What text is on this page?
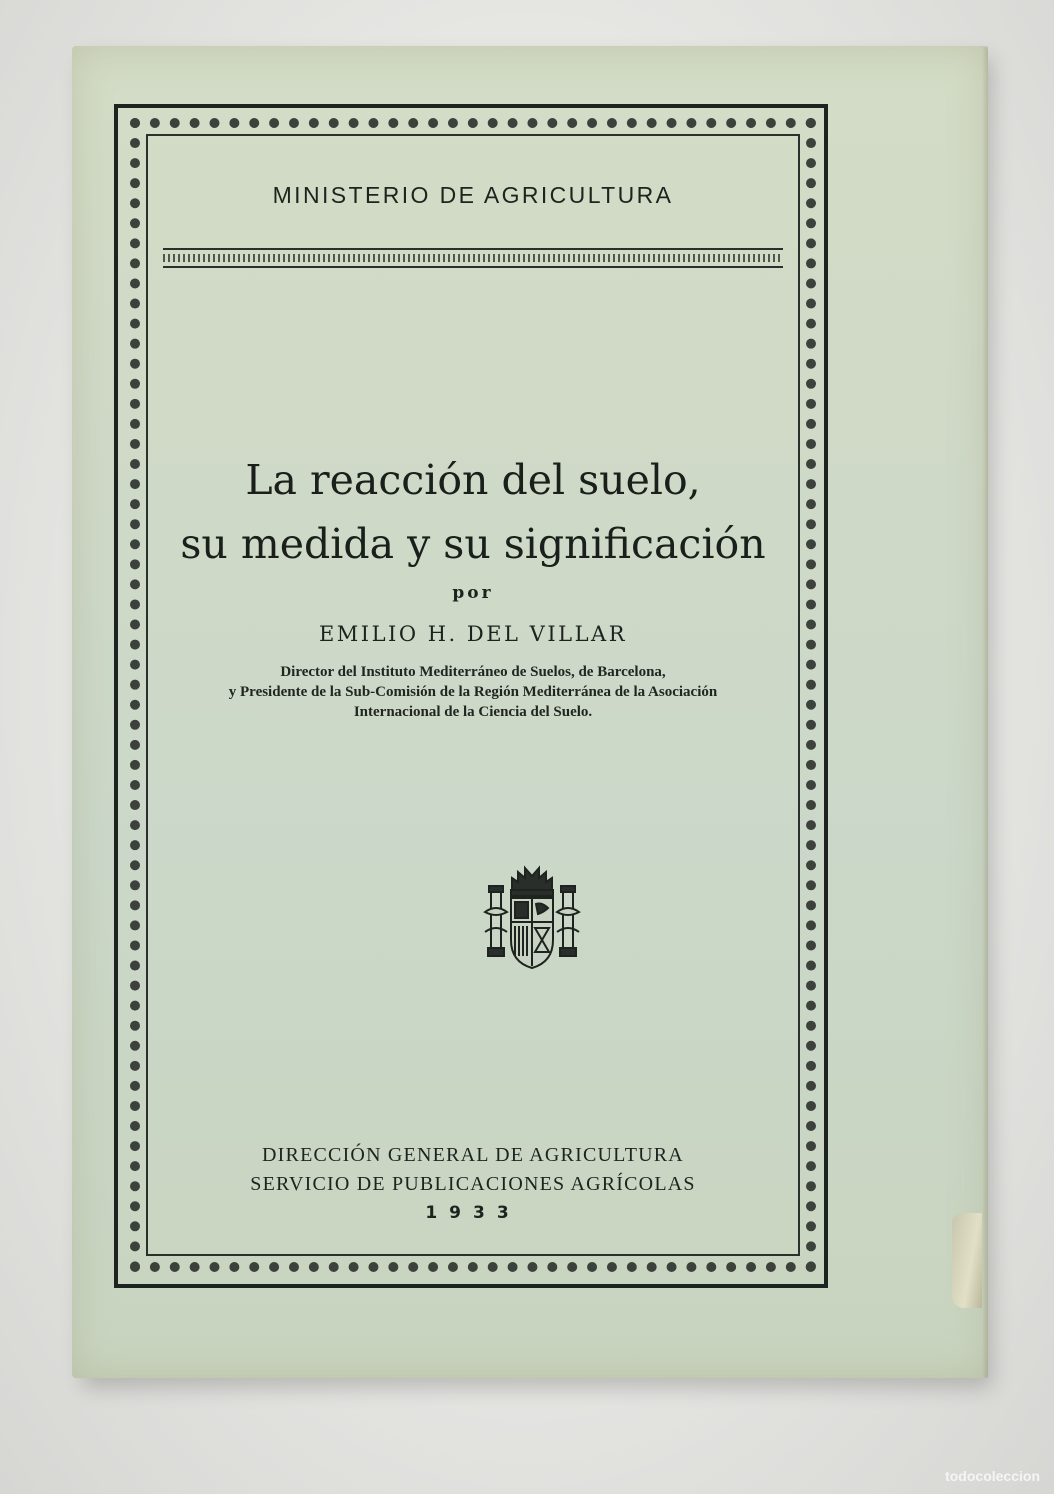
MINISTERIO DE AGRICULTURA
La reacción del suelo,
su medida y su significación
por
EMILIO H. DEL VILLAR
Director del Instituto Mediterráneo de Suelos, de Barcelona,
y Presidente de la Sub-Comisión de la Región Mediterránea de la Asociación
Internacional de la Ciencia del Suelo.
DIRECCIÓN GENERAL DE AGRICULTURA
SERVICIO DE PUBLICACIONES AGRÍCOLAS
1933
todocoleccion
